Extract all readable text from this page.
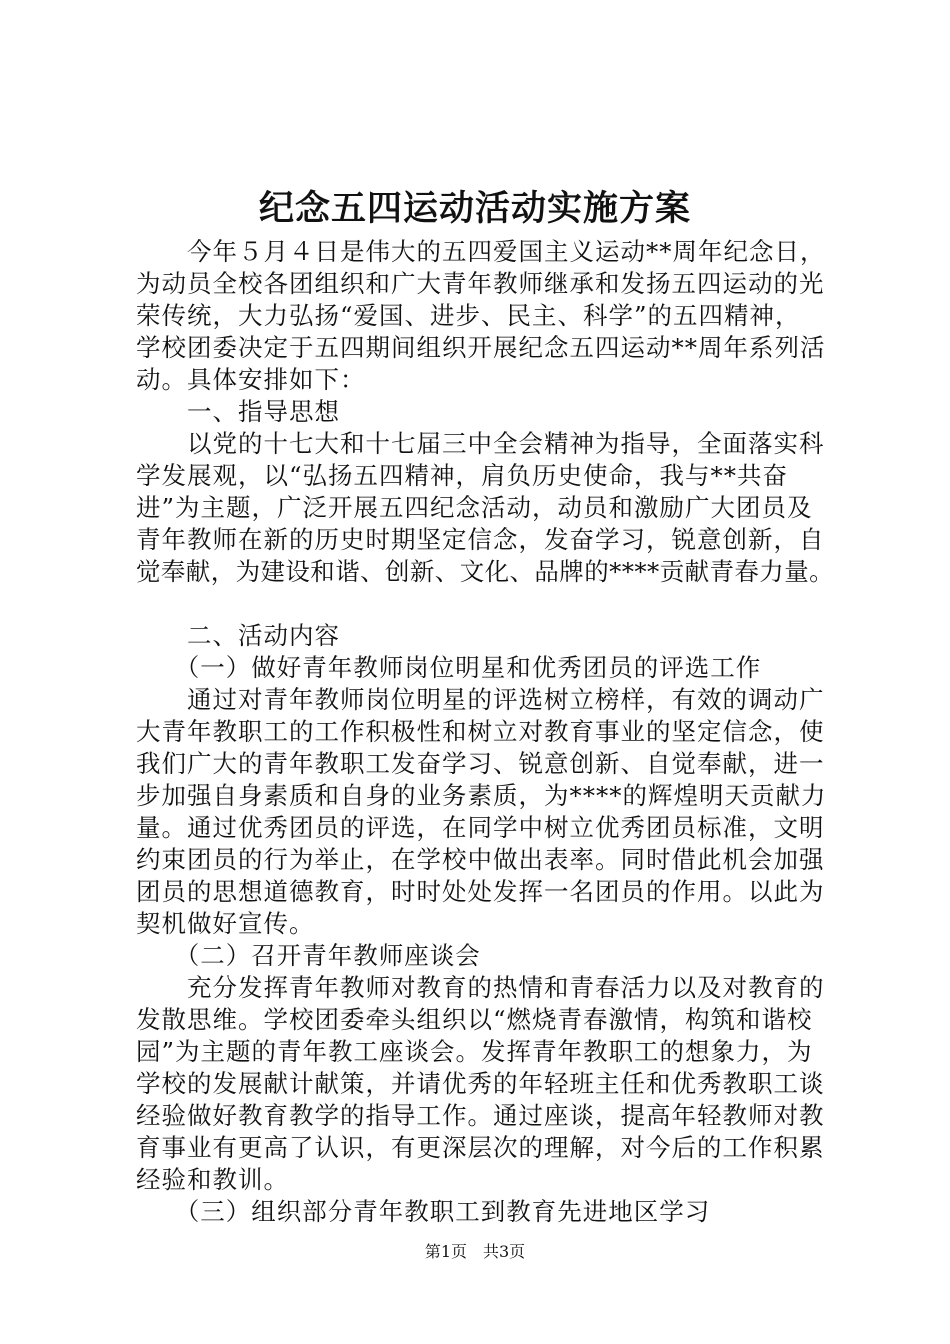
纪念五四运动活动实施方案
　　今年５月４日是伟大的五四爱国主义运动**周年纪念日，
为动员全校各团组织和广大青年教师继承和发扬五四运动的光
荣传统，大力弘扬“爱国、进步、民主、科学”的五四精神，
学校团委决定于五四期间组织开展纪念五四运动**周年系列活
动。具体安排如下：
　　一、指导思想
　　以党的十七大和十七届三中全会精神为指导，全面落实科
学发展观，以“弘扬五四精神，肩负历史使命，我与**共奋
进”为主题，广泛开展五四纪念活动，动员和激励广大团员及
青年教师在新的历史时期坚定信念，发奋学习，锐意创新，自
觉奉献，为建设和谐、创新、文化、品牌的****贡献青春力量。
　　二、活动内容
　　（一）做好青年教师岗位明星和优秀团员的评选工作
　　通过对青年教师岗位明星的评选树立榜样，有效的调动广
大青年教职工的工作积极性和树立对教育事业的坚定信念，使
我们广大的青年教职工发奋学习、锐意创新、自觉奉献，进一
步加强自身素质和自身的业务素质，为****的辉煌明天贡献力
量。通过优秀团员的评选，在同学中树立优秀团员标准，文明
约束团员的行为举止，在学校中做出表率。同时借此机会加强
团员的思想道德教育，时时处处发挥一名团员的作用。以此为
契机做好宣传。
　　（二）召开青年教师座谈会
　　充分发挥青年教师对教育的热情和青春活力以及对教育的
发散思维。学校团委牵头组织以“燃烧青春激情，构筑和谐校
园”为主题的青年教工座谈会。发挥青年教职工的想象力，为
学校的发展献计献策，并请优秀的年轻班主任和优秀教职工谈
经验做好教育教学的指导工作。通过座谈，提高年轻教师对教
育事业有更高了认识，有更深层次的理解，对今后的工作积累
经验和教训。
　　（三）组织部分青年教职工到教育先进地区学习
第1页　共3页
